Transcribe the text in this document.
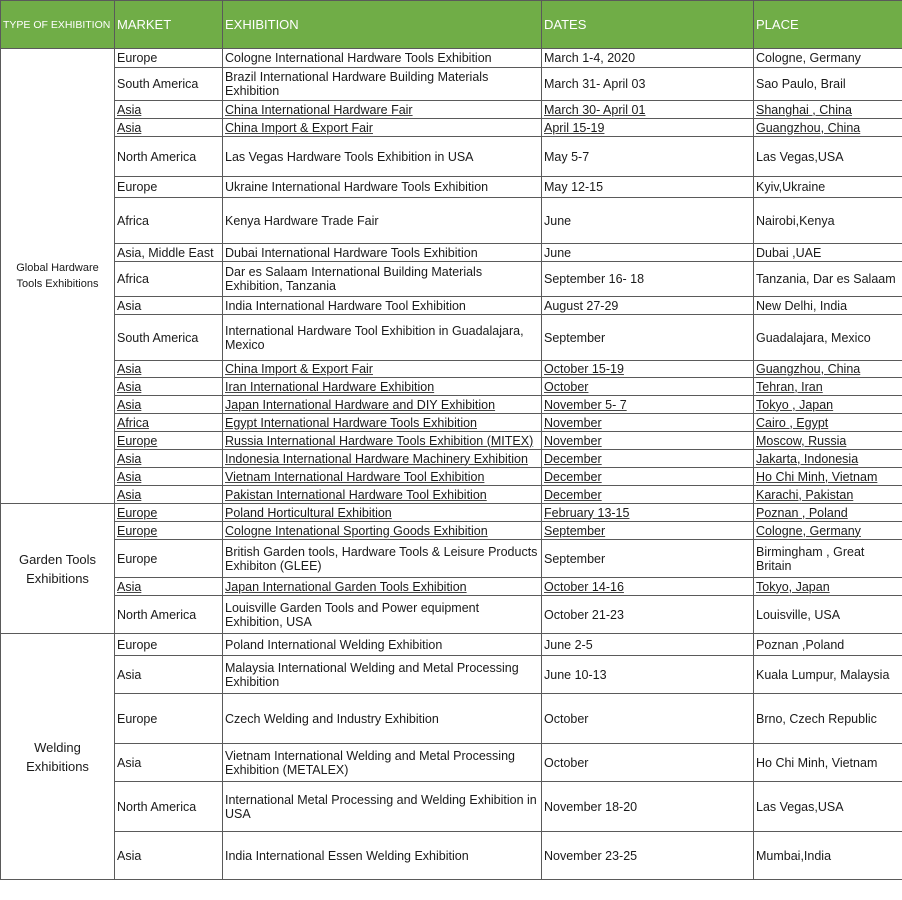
TYPE OF EXHIBITION	MARKET	EXHIBITION	DATES	PLACE
Global Hardware Tools Exhibitions	Europe	Cologne International Hardware Tools Exhibition	March 1-4, 2020	Cologne, Germany
	South America	Brazil International Hardware Building Materials Exhibition	March 31- April 03	Sao Paulo, Brail
	Asia	China International Hardware Fair	March 30- April 01	Shanghai , China
	Asia	China Import & Export Fair	April 15-19	Guangzhou, China
	North America	Las Vegas Hardware Tools Exhibition in USA	May 5-7	Las Vegas,USA
	Europe	Ukraine International Hardware Tools Exhibition	May 12-15	Kyiv,Ukraine
	Africa	Kenya Hardware Trade Fair	June	Nairobi,Kenya
	Asia, Middle East	Dubai International Hardware Tools Exhibition	June	Dubai ,UAE
	Africa	Dar es Salaam International Building Materials Exhibition, Tanzania	September 16- 18	Tanzania, Dar es Salaam
	Asia	India International Hardware Tool Exhibition	August 27-29	New Delhi, India
	South America	International Hardware Tool Exhibition in Guadalajara, Mexico	September	Guadalajara, Mexico
	Asia	China Import & Export Fair	October 15-19	Guangzhou, China
	Asia	Iran International Hardware Exhibition	October	Tehran, Iran
	Asia	Japan International Hardware and DIY Exhibition	November 5- 7	Tokyo , Japan
	Africa	Egypt International Hardware Tools Exhibition	November	Cairo , Egypt
	Europe	Russia International Hardware Tools Exhibition (MITEX)	November	Moscow, Russia
	Asia	Indonesia International Hardware Machinery Exhibition	December	Jakarta, Indonesia
	Asia	Vietnam International Hardware Tool Exhibition	December	Ho Chi Minh, Vietnam
	Asia	Pakistan International Hardware Tool Exhibition	December	Karachi, Pakistan
Garden Tools Exhibitions	Europe	Poland Horticultural Exhibition	February 13-15	Poznan , Poland
	Europe	Cologne Intenational Sporting Goods Exhibition	September	Cologne, Germany
	Europe	British Garden tools, Hardware Tools & Leisure Products Exhibiton (GLEE)	September	Birmingham , Great Britain
	Asia	Japan International Garden Tools Exhibition	October 14-16	Tokyo, Japan
	North America	Louisville Garden Tools and Power equipment Exhibition, USA	October 21-23	Louisville, USA
Welding Exhibitions	Europe	Poland International Welding Exhibition	June 2-5	Poznan ,Poland
	Asia	Malaysia International Welding and Metal Processing Exhibition	June 10-13	Kuala Lumpur, Malaysia
	Europe	Czech Welding and Industry Exhibition	October	Brno, Czech Republic
	Asia	Vietnam International Welding and Metal Processing Exhibition (METALEX)	October	Ho Chi Minh, Vietnam
	North America	International Metal Processing and Welding Exhibition in USA	November 18-20	Las Vegas,USA
	Asia	India International Essen Welding Exhibition	November 23-25	Mumbai,India
